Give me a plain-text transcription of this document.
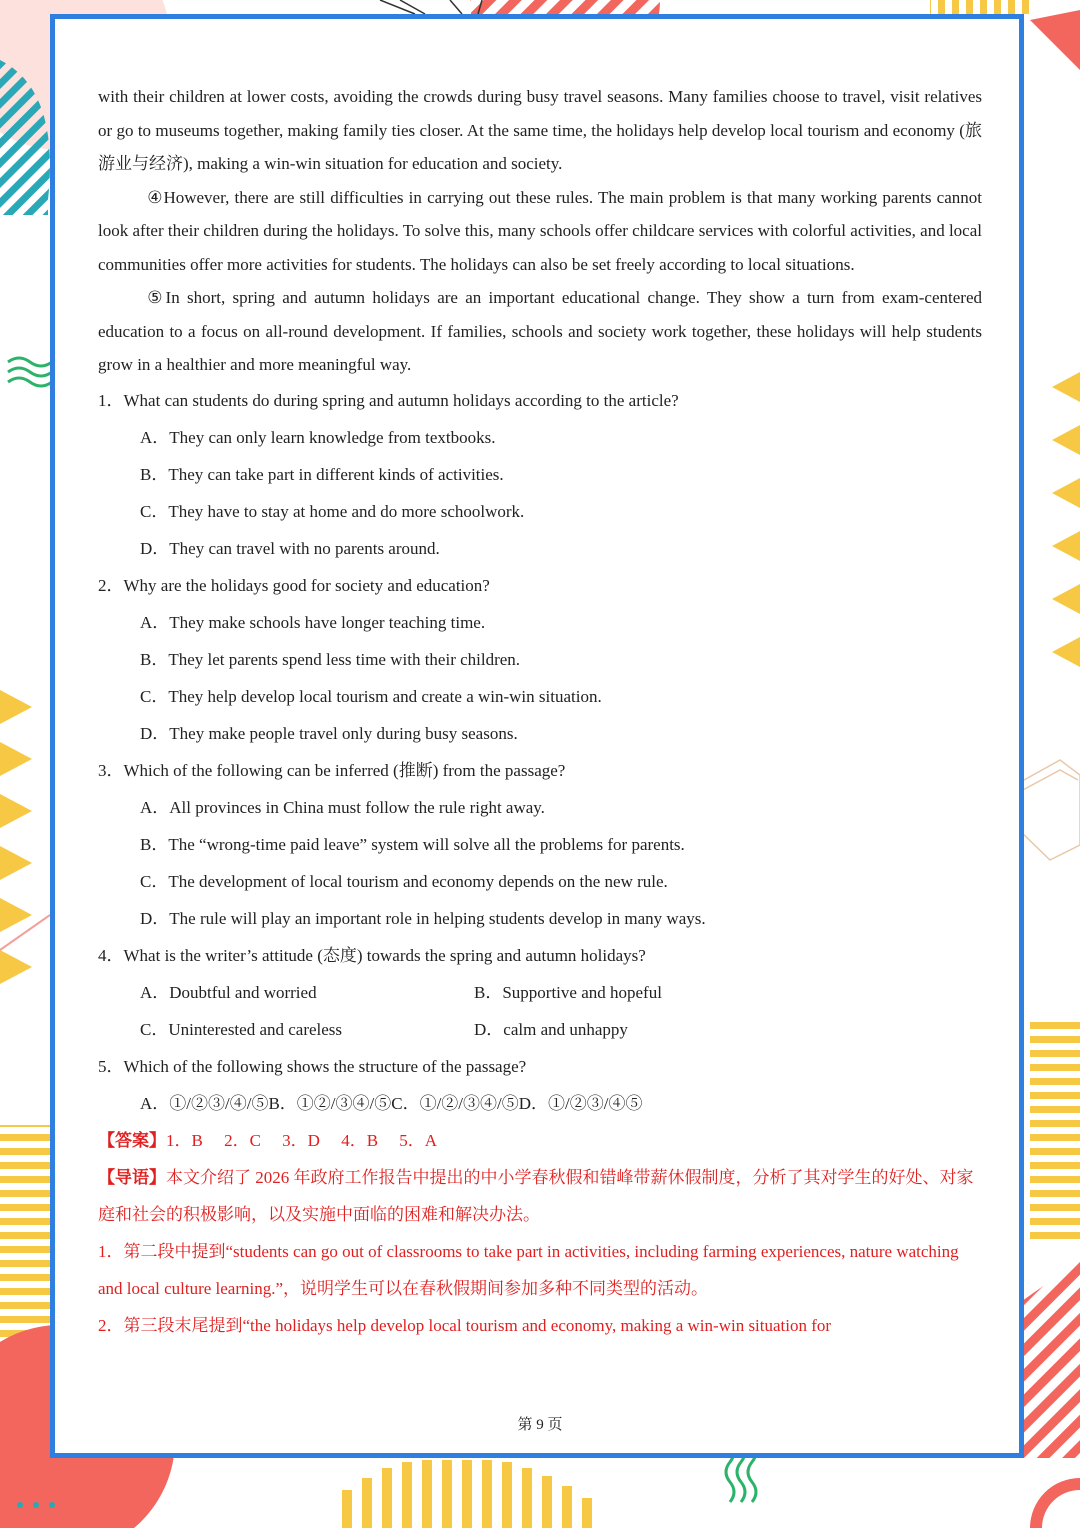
with their children at lower costs, avoiding the crowds during busy travel seasons. Many families choose to travel, visit relatives or go to museums together, making family ties closer. At the same time, the holidays help develop local tourism and economy (旅游业与经济), making a win-win situation for education and society.

④However, there are still difficulties in carrying out these rules. The main problem is that many working parents cannot look after their children during the holidays. To solve this, many schools offer childcare services with colorful activities, and local communities offer more activities for students. The holidays can also be set freely according to local situations.

⑤In short, spring and autumn holidays are an important educational change. They show a turn from exam-centered education to a focus on all-round development. If families, schools and society work together, these holidays will help students grow in a healthier and more meaningful way.

1．What can students do during spring and autumn holidays according to the article?

A．They can only learn knowledge from textbooks.

B．They can take part in different kinds of activities.

C．They have to stay at home and do more schoolwork.

D．They can travel with no parents around.

2．Why are the holidays good for society and education?

A．They make schools have longer teaching time.

B．They let parents spend less time with their children.

C．They help develop local tourism and create a win-win situation.

D．They make people travel only during busy seasons.

3．Which of the following can be inferred (推断) from the passage?

A．All provinces in China must follow the rule right away.

B．The “wrong-time paid leave” system will solve all the problems for parents.

C．The development of local tourism and economy depends on the new rule.

D．The rule will play an important role in helping students develop in many ways.

4．What is the writer’s attitude (态度) towards the spring and autumn holidays?

A．Doubtful and worried	B．Supportive and hopeful
C．Uninterested and careless	D．calm and unhappy

5．Which of the following shows the structure of the passage?

A．①/②③/④/⑤B．①②/③④/⑤C．①/②/③④/⑤D．①/②③/④⑤

【答案】1．B　 2．C　 3．D　 4．B　 5．A

【导语】本文介绍了 2026 年政府工作报告中提出的中小学春秋假和错峰带薪休假制度，分析了其对学生的好处、对家庭和社会的积极影响，以及实施中面临的困难和解决办法。

1．第二段中提到“students can go out of classrooms to take part in activities, including farming experiences, nature watching and local culture learning.”，说明学生可以在春秋假期间参加多种不同类型的活动。

2．第三段末尾提到“the holidays help develop local tourism and economy, making a win-win situation for

第 9 页
